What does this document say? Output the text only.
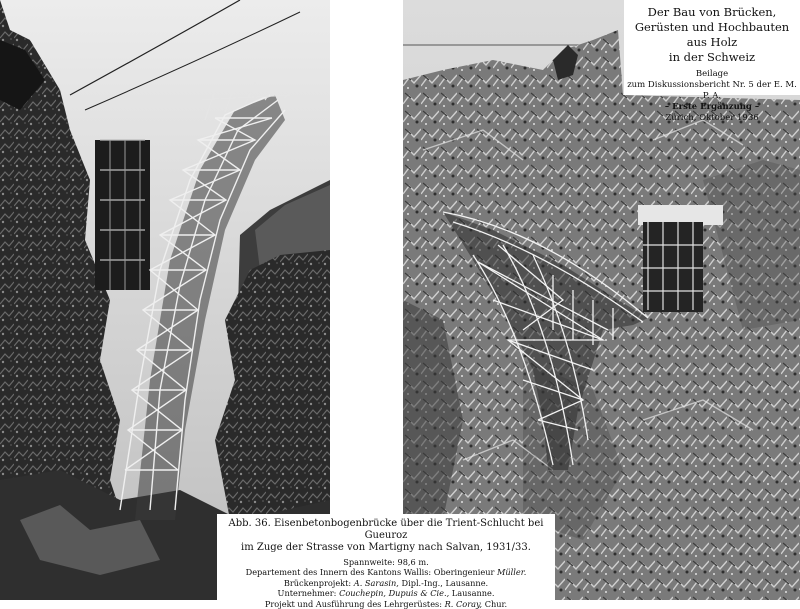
Der Bau von Brücken,
Gerüsten und Hochbauten aus Holz
in der Schweiz
Beilage
zum Diskussionsbericht Nr. 5 der E. M. P. A.
– Erste Ergänzung –
Zürich, Oktober 1936
Abb. 36. Eisenbetonbogenbrücke über die Trient-Schlucht bei Gueuroz
im Zuge der Strasse von Martigny nach Salvan, 1931/33.
Spannweite: 98,6 m.
Departement des Innern des Kantons Wallis: Oberingenieur Müller.
Brückenprojekt: A. Sarasin, Dipl.-Ing., Lausanne.
Unternehmer: Couchepin, Dupuis & Cie., Lausanne.
Projekt und Ausführung des Lehrgerüstes: R. Coray, Chur.
